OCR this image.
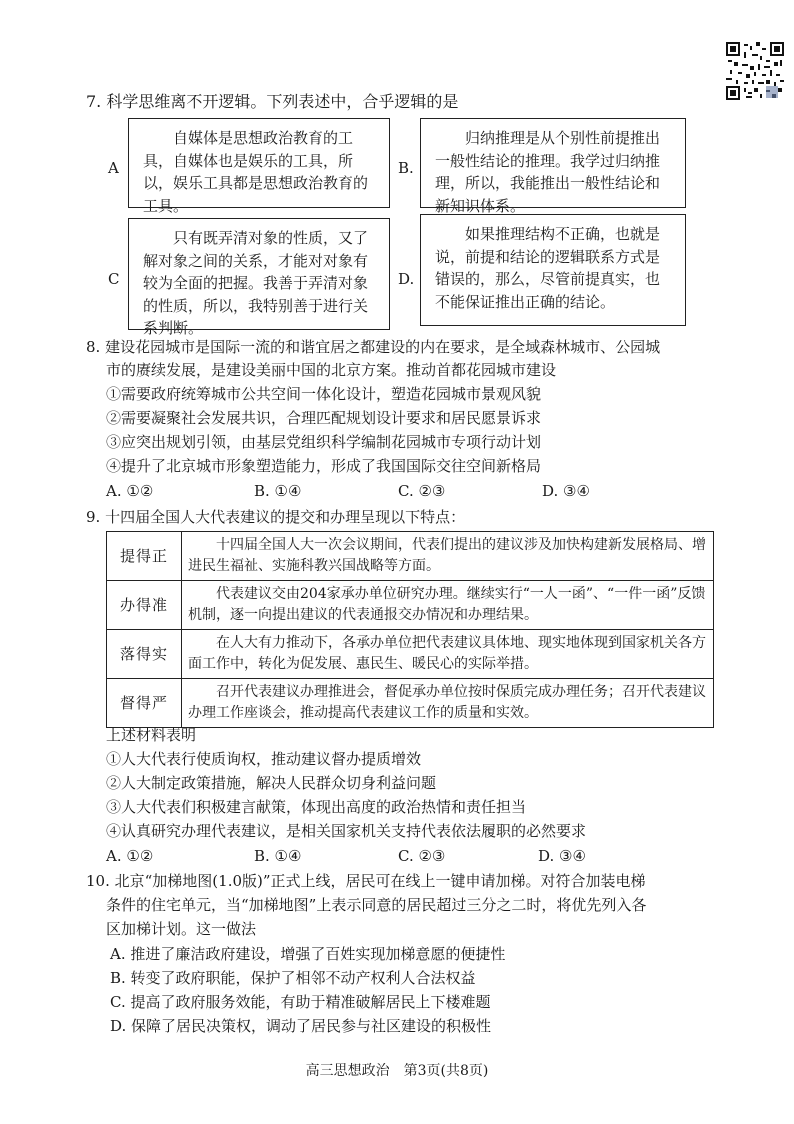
7. 科学思维离不开逻辑。下列表述中，合乎逻辑的是
A

自媒体是思想政治教育的工具，自媒体也是娱乐的工具，所以，娱乐工具都是思想政治教育的工具。

B.

归纳推理是从个别性前提推出一般性结论的推理。我学过归纳推理，所以，我能推出一般性结论和新知识体系。

C

只有既弄清对象的性质，又了解对象之间的关系，才能对对象有较为全面的把握。我善于弄清对象的性质，所以，我特别善于进行关系判断。

D.

如果推理结构不正确，也就是说，前提和结论的逻辑联系方式是错误的，那么，尽管前提真实，也不能保证推出正确的结论。

8. 建设花园城市是国际一流的和谐宜居之都建设的内在要求，是全域森林城市、公园城
市的赓续发展，是建设美丽中国的北京方案。推动首都花园城市建设
①需要政府统筹城市公共空间一体化设计，塑造花园城市景观风貌
②需要凝聚社会发展共识，合理匹配规划设计要求和居民愿景诉求
③应突出规划引领，由基层党组织科学编制花园城市专项行动计划
④提升了北京城市形象塑造能力，形成了我国国际交往空间新格局
A. ①②	B. ①④	C. ②③	D. ③④
9. 十四届全国人大代表建议的提交和办理呈现以下特点：
提得正	十四届全国人大一次会议期间，代表们提出的建议涉及加快构建新发展格局、增进民生福祉、实施科教兴国战略等方面。
办得准	代表建议交由204家承办单位研究办理。继续实行“一人一函”、“一件一函”反馈机制，逐一向提出建议的代表通报交办情况和办理结果。
落得实	在人大有力推动下，各承办单位把代表建议具体地、现实地体现到国家机关各方面工作中，转化为促发展、惠民生、暖民心的实际举措。
督得严	召开代表建议办理推进会，督促承办单位按时保质完成办理任务；召开代表建议办理工作座谈会，推动提高代表建议工作的质量和实效。
上述材料表明
①人大代表行使质询权，推动建议督办提质增效
②人大制定政策措施，解决人民群众切身利益问题
③人大代表们积极建言献策，体现出高度的政治热情和责任担当
④认真研究办理代表建议，是相关国家机关支持代表依法履职的必然要求
A. ①②	B. ①④	C. ②③	D. ③④
10. 北京“加梯地图(1.0版)”正式上线，居民可在线上一键申请加梯。对符合加装电梯
条件的住宅单元，当“加梯地图”上表示同意的居民超过三分之二时，将优先列入各
区加梯计划。这一做法
A. 推进了廉洁政府建设，增强了百姓实现加梯意愿的便捷性
B. 转变了政府职能，保护了相邻不动产权利人合法权益
C. 提高了政府服务效能，有助于精准破解居民上下楼难题
D. 保障了居民决策权，调动了居民参与社区建设的积极性
高三思想政治　第3页(共8页)
